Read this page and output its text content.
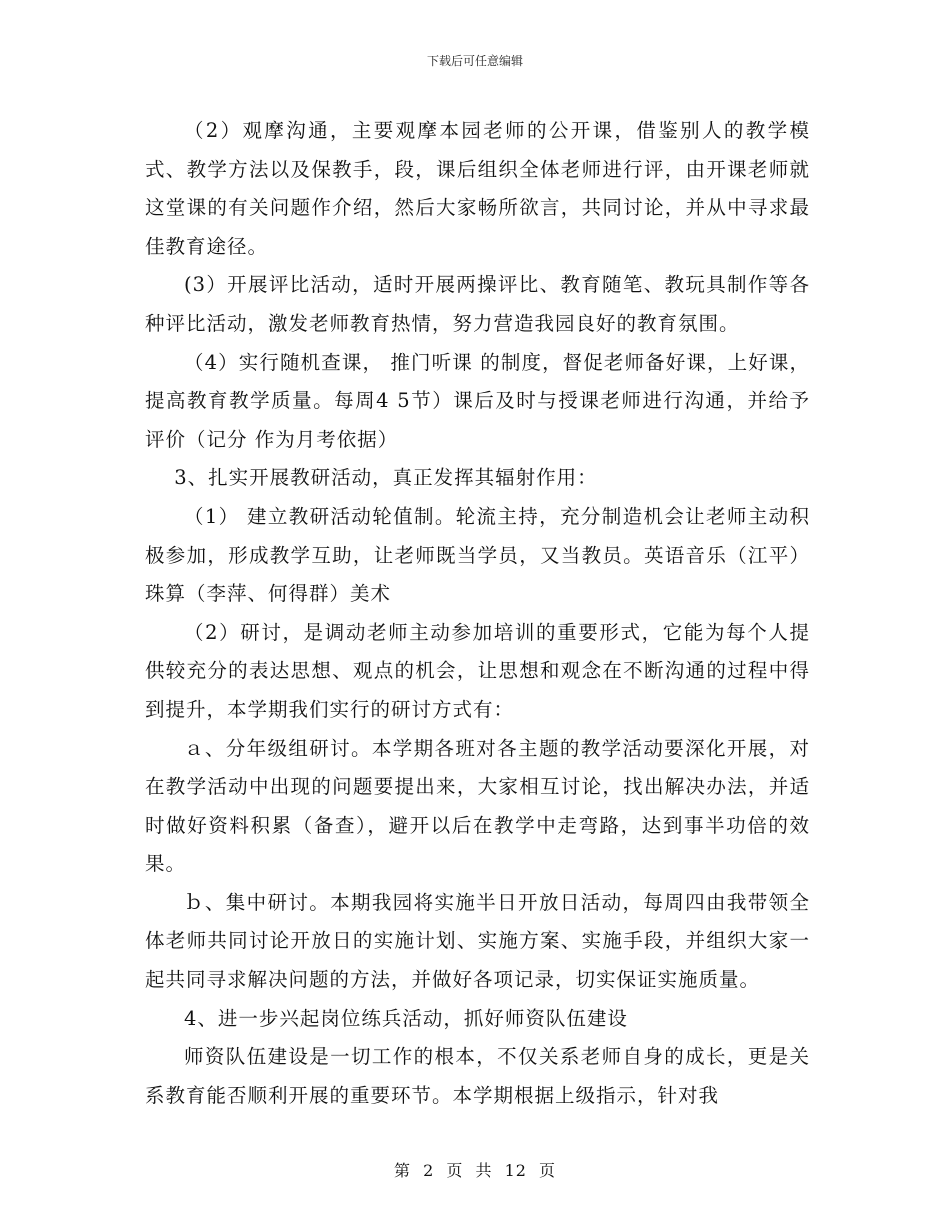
下载后可任意编辑

（2）观摩沟通，主要观摩本园老师的公开课，借鉴别人的教学模式、教学方法以及保教手，段，课后组织全体老师进行评，由开课老师就这堂课的有关问题作介绍，然后大家畅所欲言，共同讨论，并从中寻求最佳教育途径。

(3）开展评比活动，适时开展两操评比、教育随笔、教玩具制作等各种评比活动，激发老师教育热情，努力营造我园良好的教育氛围。

（4）实行随机查课， 推门听课 的制度，督促老师备好课，上好课，提高教育教学质量。每周4 5节）课后及时与授课老师进行沟通，并给予评价（记分 作为月考依据）

3、扎实开展教研活动，真正发挥其辐射作用：

（1） 建立教研活动轮值制。轮流主持，充分制造机会让老师主动积极参加，形成教学互助，让老师既当学员，又当教员。英语音乐（江平）珠算（李萍、何得群）美术

（2）研讨，是调动老师主动参加培训的重要形式，它能为每个人提供较充分的表达思想、观点的机会，让思想和观念在不断沟通的过程中得到提升，本学期我们实行的研讨方式有：

ａ、分年级组研讨。本学期各班对各主题的教学活动要深化开展，对在教学活动中出现的问题要提出来，大家相互讨论，找出解决办法，并适时做好资料积累（备查），避开以后在教学中走弯路，达到事半功倍的效果。

ｂ、集中研讨。本期我园将实施半日开放日活动，每周四由我带领全体老师共同讨论开放日的实施计划、实施方案、实施手段，并组织大家一起共同寻求解决问题的方法，并做好各项记录，切实保证实施质量。

4、进一步兴起岗位练兵活动，抓好师资队伍建设

师资队伍建设是一切工作的根本，不仅关系老师自身的成长，更是关系教育能否顺利开展的重要环节。本学期根据上级指示，针对我

第 2 页 共 12 页
